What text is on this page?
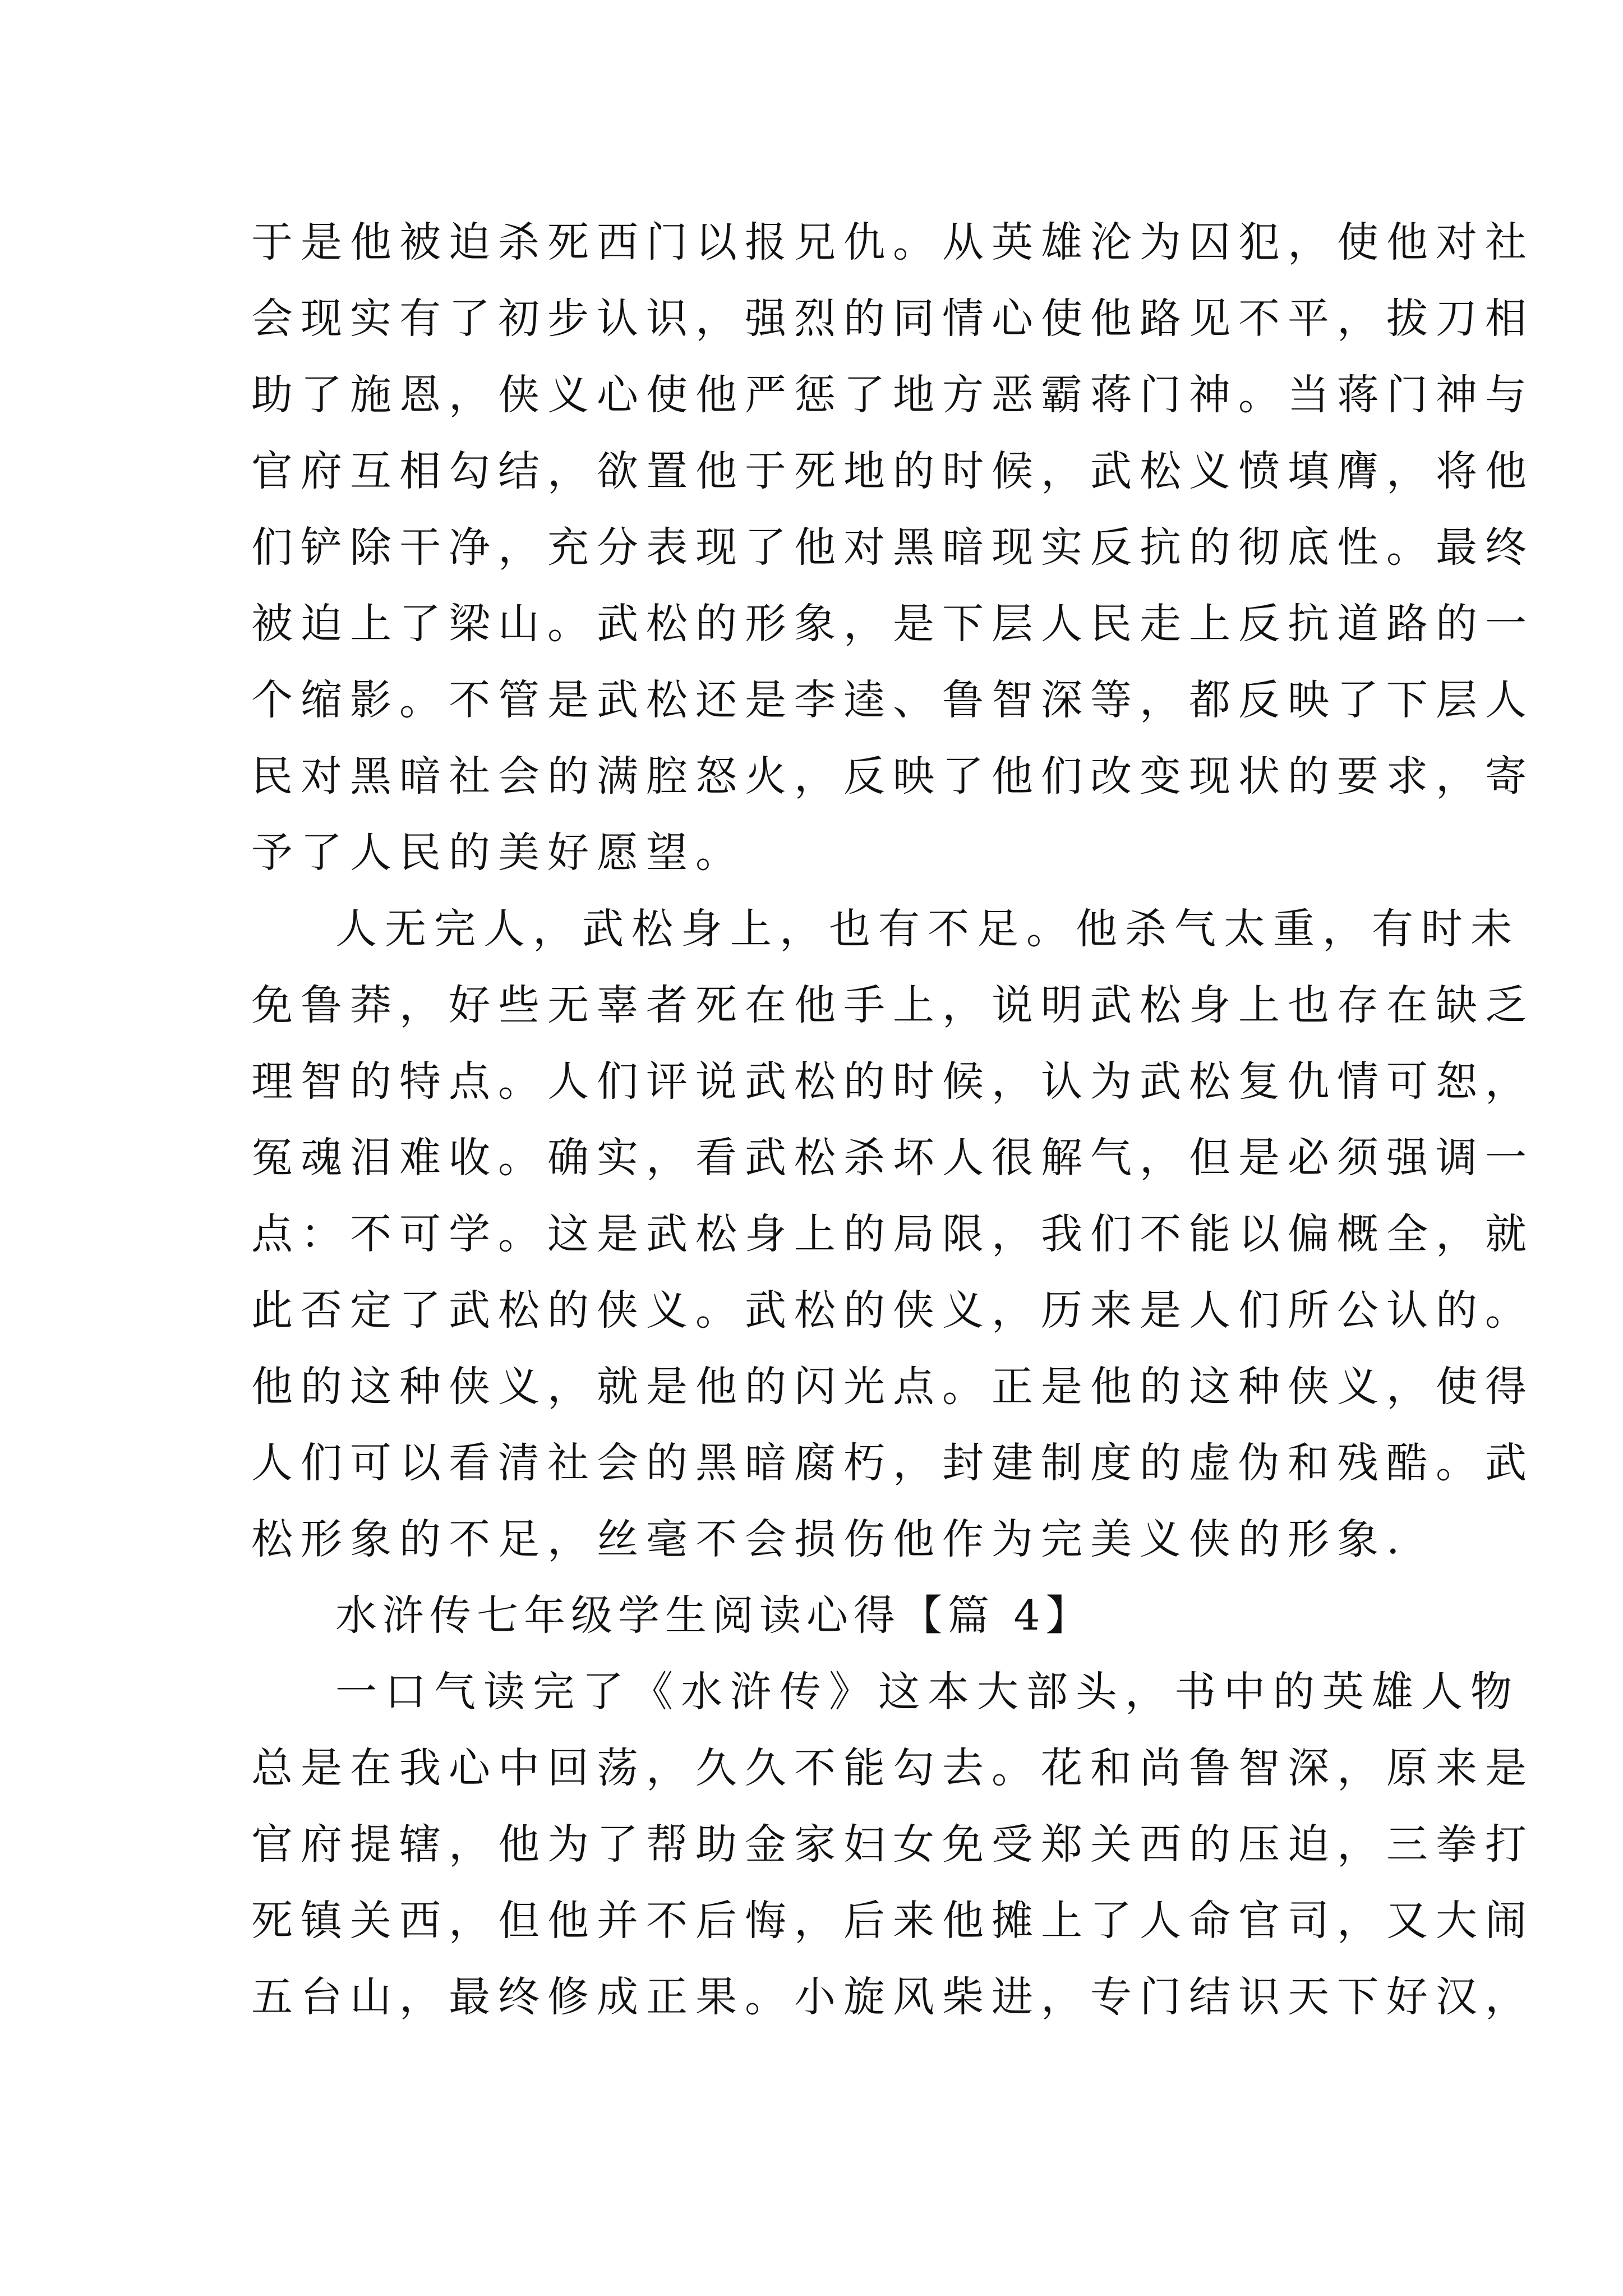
于是他被迫杀死西门以报兄仇。从英雄沦为囚犯，使他对社
会现实有了初步认识，强烈的同情心使他路见不平，拔刀相
助了施恩，侠义心使他严惩了地方恶霸蒋门神。当蒋门神与
官府互相勾结，欲置他于死地的时候，武松义愤填膺，将他
们铲除干净，充分表现了他对黑暗现实反抗的彻底性。最终
被迫上了梁山。武松的形象，是下层人民走上反抗道路的一
个缩影。不管是武松还是李逵、鲁智深等，都反映了下层人
民对黑暗社会的满腔怒火，反映了他们改变现状的要求，寄
予了人民的美好愿望。
人无完人，武松身上，也有不足。他杀气太重，有时未
免鲁莽，好些无辜者死在他手上，说明武松身上也存在缺乏
理智的特点。人们评说武松的时候，认为武松复仇情可恕，
冤魂泪难收。确实，看武松杀坏人很解气，但是必须强调一
点：不可学。这是武松身上的局限，我们不能以偏概全，就
此否定了武松的侠义。武松的侠义，历来是人们所公认的。
他的这种侠义，就是他的闪光点。正是他的这种侠义，使得
人们可以看清社会的黑暗腐朽，封建制度的虚伪和残酷。武
松形象的不足，丝毫不会损伤他作为完美义侠的形象.
水浒传七年级学生阅读心得【篇 4】
一口气读完了《水浒传》这本大部头，书中的英雄人物
总是在我心中回荡，久久不能勾去。花和尚鲁智深，原来是
官府提辖，他为了帮助金家妇女免受郑关西的压迫，三拳打
死镇关西，但他并不后悔，后来他摊上了人命官司，又大闹
五台山，最终修成正果。小旋风柴进，专门结识天下好汉，
